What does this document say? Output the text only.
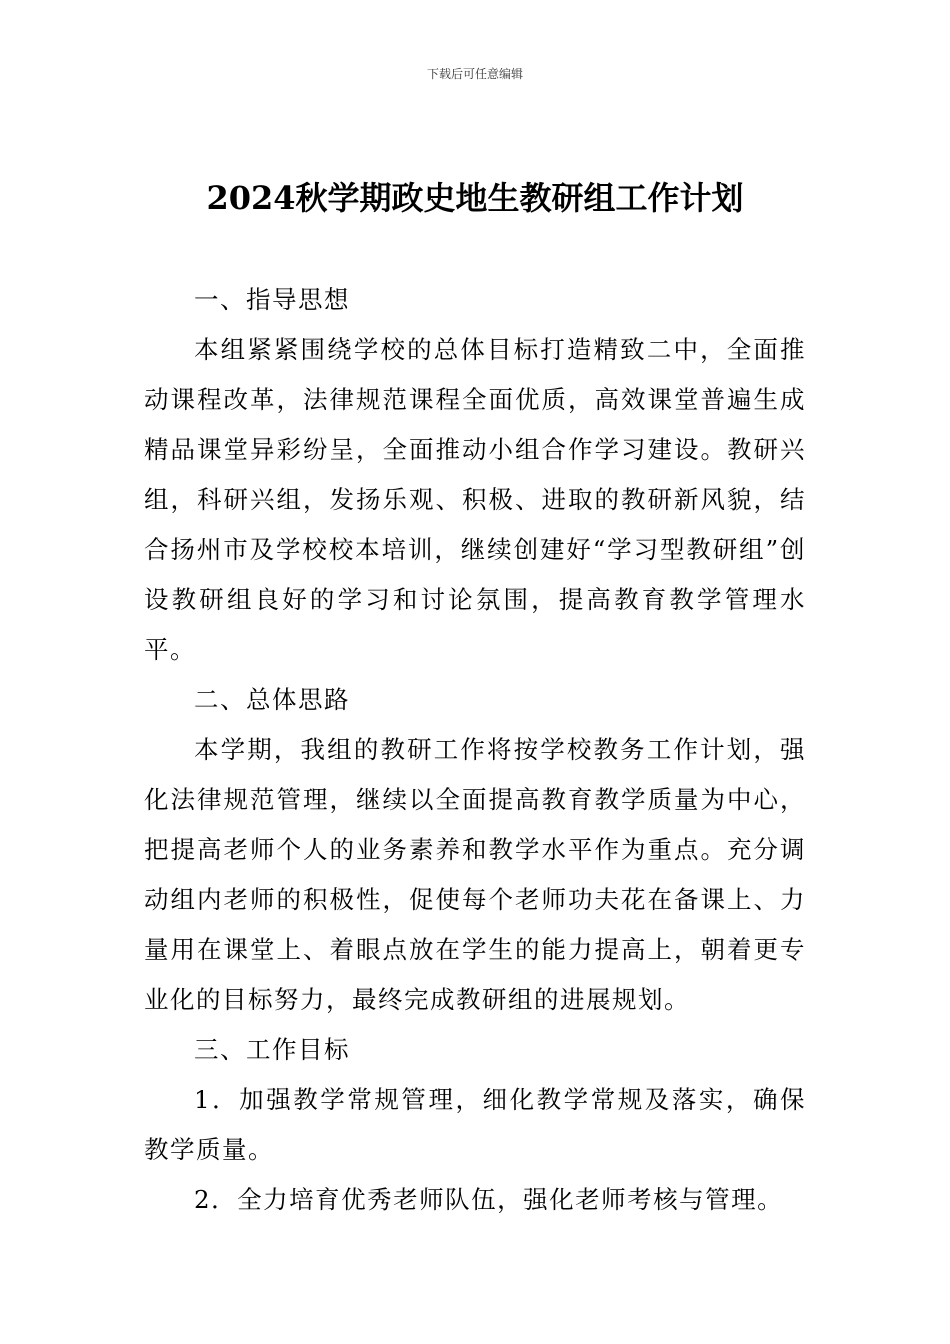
下载后可任意编辑
2024秋学期政史地生教研组工作计划

一、指导思想

本组紧紧围绕学校的总体目标打造精致二中，全面推动课程改革，法律规范课程全面优质，高效课堂普遍生成精品课堂异彩纷呈，全面推动小组合作学习建设。教研兴组，科研兴组，发扬乐观、积极、进取的教研新风貌，结合扬州市及学校校本培训，继续创建好“学习型教研组”创设教研组良好的学习和讨论氛围，提高教育教学管理水平。

二、总体思路

本学期，我组的教研工作将按学校教务工作计划，强化法律规范管理，继续以全面提高教育教学质量为中心，把提高老师个人的业务素养和教学水平作为重点。充分调动组内老师的积极性，促使每个老师功夫花在备课上、力量用在课堂上、着眼点放在学生的能力提高上，朝着更专业化的目标努力，最终完成教研组的进展规划。

三、工作目标

1．加强教学常规管理，细化教学常规及落实，确保教学质量。

2．全力培育优秀老师队伍，强化老师考核与管理。
